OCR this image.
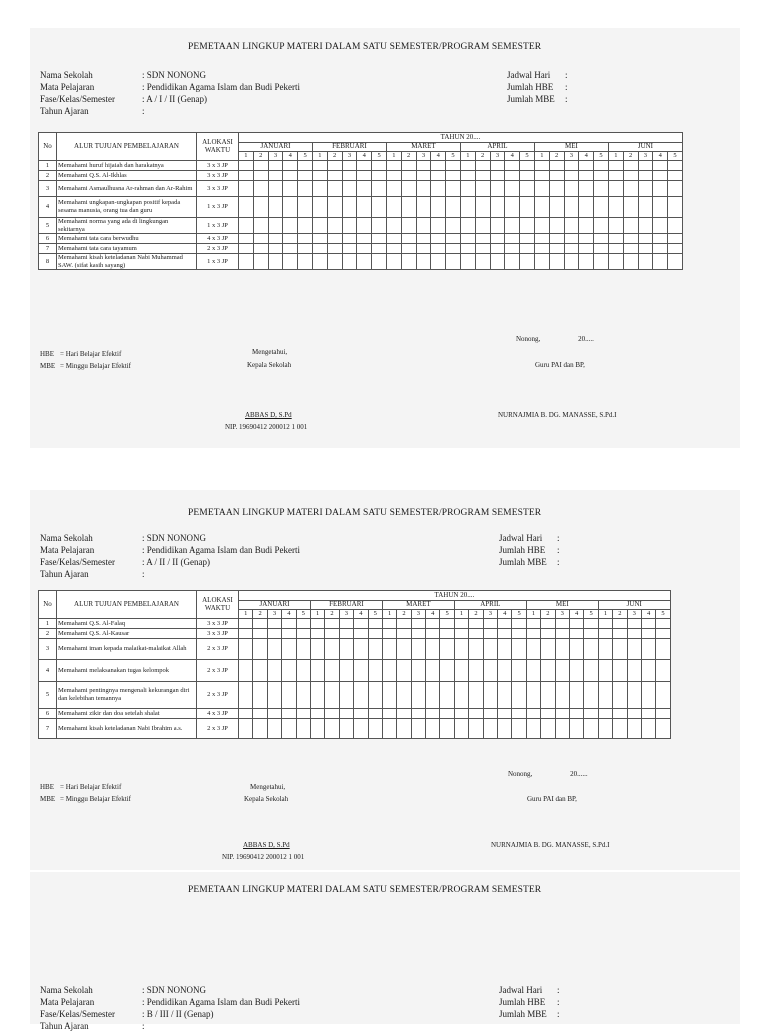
PEMETAAN LINGKUP MATERI DALAM SATU SEMESTER/PROGRAM SEMESTER
Nama Sekolah	: SDN NONONG
Mata Pelajaran	: Pendidikan Agama Islam dan Budi Pekerti
Fase/Kelas/Semester	: A / I / II (Genap)
Tahun Ajaran	:
Jadwal Hari	:
Jumlah HBE	:
Jumlah MBE	:
No	ALUR TUJUAN PEMBELAJARAN	ALOKASI WAKTU	TAHUN 20....																													
			JANUARI					FEBRUARI					MARET					APRIL					MEI					JUNI				
			1	2	3	4	5	1	2	3	4	5	1	2	3	4	5	1	2	3	4	5	1	2	3	4	5	1	2	3	4	5
1	Memahami huruf hijaiah dan harakatnya	3 x 3 JP																														
2	Memahami Q.S. Al-Ikhlas	3 x 3 JP																														
3	Memahami Asmaulhusna Ar-rahman dan Ar-Rahim	3 x 3 JP																														
4	Memahami ungkapan-ungkapan positif kepada sesama manusia, orang tua dan guru	1 x 3 JP																														
5	Memahami norma yang ada di lingkungan sekitarnya	1 x 3 JP																														
6	Memahami tata cara berwudhu	4 x 3 JP																														
7	Memahami tata cara tayamum	2 x 3 JP																														
8	Memahami kisah keteladanan Nabi Muhammad SAW. (sifat kasih sayang)	1 x 3 JP																														
Nonong,	20.....
HBE = Hari Belajar Efektif
MBE = Minggu Belajar Efektif
Mengetahui,
Kepala Sekolah	Guru PAI dan BP,
ABBAS D, S.Pd
NIP. 19690412 200012 1 001
NURNAJMIA B. DG. MANASSE, S.Pd.I
PEMETAAN LINGKUP MATERI DALAM SATU SEMESTER/PROGRAM SEMESTER
Nama Sekolah	: SDN NONONG
Mata Pelajaran	: Pendidikan Agama Islam dan Budi Pekerti
Fase/Kelas/Semester	: A / II / II (Genap)
Tahun Ajaran	:
Jadwal Hari	:
Jumlah HBE	:
Jumlah MBE	:
No	ALUR TUJUAN PEMBELAJARAN	ALOKASI WAKTU	TAHUN 20....																													
			JANUARI					FEBRUARI					MARET					APRIL					MEI					JUNI				
			1	2	3	4	5	1	2	3	4	5	1	2	3	4	5	1	2	3	4	5	1	2	3	4	5	1	2	3	4	5
1	Memahami Q.S. Al-Falaq	3 x 3 JP																														
2	Memahami Q.S. Al-Kausar	3 x 3 JP																														
3	Memahami iman kepada malaikat-malaikat Allah	2 x 3 JP																														
4	Memahami melaksanakan tugas kelompok	2 x 3 JP																														
5	Memahami pentingnya mengenali kekurangan diri dan kelebihan temannya	2 x 3 JP																														
6	Memahami zikir dan doa setelah shalat	4 x 3 JP																														
7	Memahami kisah keteladanan Nabi Ibrahim a.s.	2 x 3 JP																														
Nonong,	20......
HBE = Hari Belajar Efektif
MBE = Minggu Belajar Efektif
Mengetahui,
Kepala Sekolah	Guru PAI dan BP,
ABBAS D, S.Pd
NIP. 19690412 200012 1 001
NURNAJMIA B. DG. MANASSE, S.Pd.I
PEMETAAN LINGKUP MATERI DALAM SATU SEMESTER/PROGRAM SEMESTER
Nama Sekolah	: SDN NONONG
Mata Pelajaran	: Pendidikan Agama Islam dan Budi Pekerti
Fase/Kelas/Semester	: B / III / II (Genap)
Tahun Ajaran	:
Jadwal Hari	:
Jumlah HBE	:
Jumlah MBE	:
